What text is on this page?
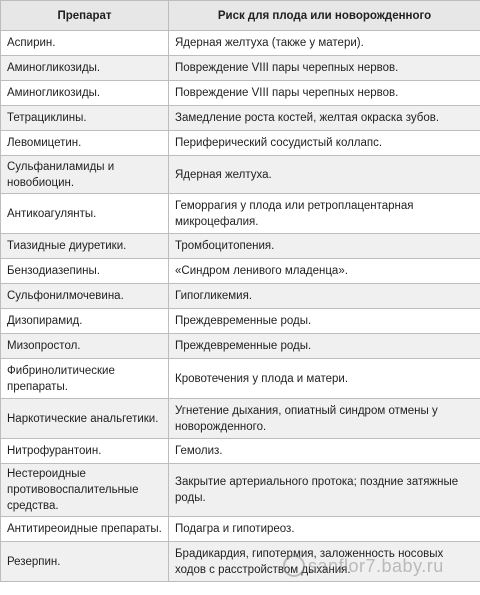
Препарат	Риск для плода или новорожденного
Аспирин.	Ядерная желтуха (также у матери).
Аминогликозиды.	Повреждение VIII пары черепных нервов.
Аминогликозиды.	Повреждение VIII пары черепных нервов.
Тетрациклины.	Замедление роста костей, желтая окраска зубов.
Левомицетин.	Периферический сосудистый коллапс.
Сульфаниламиды и новобиоцин.	Ядерная желтуха.
Антикоагулянты.	Геморрагия у плода или ретроплацентарная микроцефалия.
Тиазидные диуретики.	Тромбоцитопения.
Бензодиазепины.	«Синдром ленивого младенца».
Сульфонилмочевина.	Гипогликемия.
Дизопирамид.	Преждевременные роды.
Мизопростол.	Преждевременные роды.
Фибринолитические препараты.	Кровотечения у плода и матери.
Наркотические анальгетики.	Угнетение дыхания, опиатный синдром отмены у новорожденного.
Нитрофурантоин.	Гемолиз.
Нестероидные противовоспалительные средства.	Закрытие артериального протока; поздние затяжные роды.
Антитиреоидные препараты.	Подагра и гипотиреоз.
Резерпин.	Брадикардия, гипотермия, заложенность носовых ходов с расстройством дыхания.
sanflor7.baby.ru
